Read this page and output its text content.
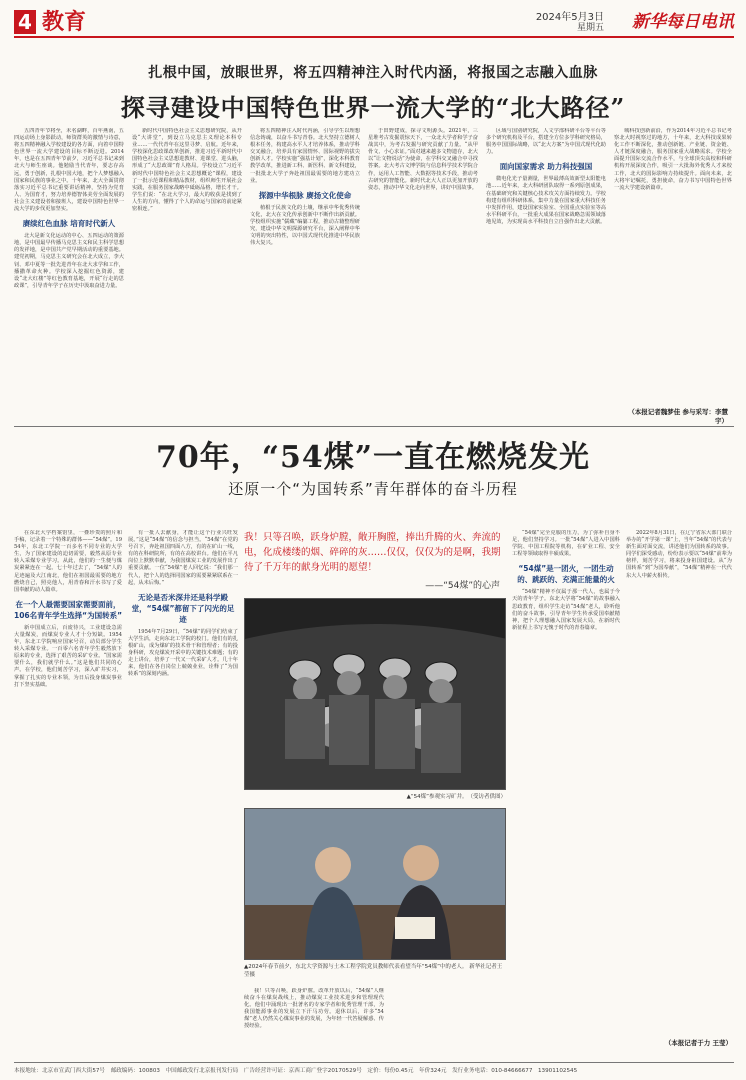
4 教育	2024年5月3日
星期五 新华每日电讯
扎根中国，放眼世界，将五四精神注入时代内涵，将报国之志融入血脉
探寻建设中国特色世界一流大学的“北大路径”

五四青年节将至，未名湖畔，百年燕南，五四运动场上身影跃动，师资群英的激情与诗意，将五四精神融入学校建设的各方面，向着中国特色世界一流大学建设的目标不断迈进。2014年，也是在五四青年节前夕，习近平总书记来到北大与师生座谈。他勉励当代青年，要志存高远，勇于创新，扎根中国大地，把个人梦想融入国家和民族的事业之中。十年来，北大全面贯彻落实习近平总书记重要讲话精神，坚持为党育人、为国育才，努力培养德智体美劳全面发展的社会主义建设者和接班人，建设中国特色世界一流大学的步伐更加坚实。

赓续红色血脉 培育时代新人

北大是新文化运动的中心、五四运动的策源地，是中国最早传播马克思主义和民主科学思想的发祥地，是中国共产党早期活动的重要基地。建党初期，马克思主义研究会在北大成立，李大钊、邓中夏等一批先进青年在北大求学和工作，播撒革命火种。学校深入挖掘红色资源，建设“北大红楼”等红色教育基地，开展“行走的思政课”，引导青年学子在历史中汲取奋进力量。

新时代中国特色社会主义思想研究院，从开设“大讲堂”，到设立马克思主义理论本科专业……一代代青年在这里寻梦、启航。近年来，学校深化思政课改革创新，推进习近平新时代中国特色社会主义思想进教材、进课堂、进头脑，形成了“大思政课”育人格局。学校设立“习近平新时代中国特色社会主义思想概论”课程，建设了一批示范课程和精品教材，组织师生开展社会实践，在服务国家战略中砥砺品格，增长才干。学生们说：“在北大学习，最大的收获是找到了人生的方向，懂得了个人的命运与国家的前途紧密相连。”

将五四精神注入时代内涵，引导学生以理想信念铸魂，以奋斗书写青春。北大坚持立德树人根本任务，构建高水平人才培养体系，推动学科交叉融合，培养具有家国情怀、国际视野的拔尖创新人才。学校实施“强基计划”，深化本科教育教学改革，推进新工科、新医科、新文科建设，一批批北大学子奔赴祖国最需要的地方建功立业。

探源中华根脉 赓扬文化使命

植根于民族文化的土壤，继承中华优秀传统文化，北大在文化传承创新中不断作出新贡献。学校组织实施“儒藏”编纂工程，推动古籍整理研究，建设中华文明探源研究平台，深入阐释中华文明的突出特性，以中国式现代化推进中华民族伟大复兴。

于田野建成，探寻文明源头。2021年，三星堆考古发掘震惊天下，一众北大学者和学子奋战其中，为考古发掘与研究贡献了力量。“从甲骨文、小心求证。”面对越来越多文物遗存，北大以“让文物说话”为使命，在学科交叉融合中寻找答案。北大考古文博学院与信息科学技术学院合作，运用人工智能、大数据等技术手段，推动考古研究的智能化。新时代北大人正以更加开放的姿态，推动中华文化走向世界，讲好中国故事。

区域与国别研究院，人文学部科研平台等平台等多个研究机构及平台，搭建全方位多学科研究格局，服务中国国际战略，以“北大方案”为中国式现代化助力。

面向国家需求 助力科技强国

微电化光子量测量，世界最薄高效新型太阳能电池……近年来，北大科研团队取得一系列原创成果，在基础研究和关键核心技术攻关方面持续发力。学校构建有组织科研体系，集中力量在国家重大科技任务中发挥作用，建设国家实验室、全国重点实验室等高水平科研平台，一批重大成果在国家战略急需领域落地见效，为实现高水平科技自立自强作出北大贡献。

城科技创新前沿，作为2014年习近平总书记考察北大时视察过的地方，十年来，北大科技成果转化工作不断深化，推动创新链、产业链、资金链、人才链深度融合，服务国家重大战略需求。学校全面提升国际交流合作水平，与全球顶尖高校和科研机构开展深度合作，吸引一大批海外优秀人才来校工作，北大的国际影响力持续提升。面向未来，北大将牢记嘱托，勇担使命，奋力书写中国特色世界一流大学建设新篇章。

（本报记者魏梦佳 参与采写：李慧宇）
70年，“54煤”一直在燃烧发光
还原一个“为国转系”青年群体的奋斗历程

在东北大学档案馆里，一叠珍贵的照片和手稿，记录着一个特殊的群体——“54煤”。1954年，东北工学院一百多名不同专业的大学生，为了国家建设的迫切需要，毅然从原专业转入采煤专业学习。从此，他们的一生便与煤炭紧紧连在一起。七十年过去了，“54煤”人的足迹遍及大江南北，他们在祖国最需要的地方燃烧自己，照亮他人，用青春和汗水书写了爱国奉献的动人篇章。

在一个人最需要国家需要面前，106名青年学生选择“为国转系”

新中国成立后，百废待兴，工业建设急需大量煤炭，而煤炭专业人才十分短缺。1954年，东北工学院响应国家号召，动员部分学生转入采煤专业。一百零六名青年学生毅然放下原来的专业，选择了艰苦的采矿专业。“国家需要什么，我们就学什么。”这是他们共同的心声。在学校，他们刻苦学习，深入矿井实习，掌握了扎实的专业本领，为日后投身煤炭事业打下坚实基础。

有一批人去献身，才能让这个行业兴旺发展。”这是“54煤”的信念与担当。“54煤”在党的号召下，奔赴祖国四面八方，有的在矿山一线，有的在科研院所，有的在高校讲台。他们在平凡岗位上默默奉献，为我国煤炭工业的发展作出了重要贡献。一位“54煤”老人回忆说：“我们那一代人，把个人的选择同国家的需要紧紧联系在一起，从未后悔。”

无论是否米深井还是科学殿堂，“54煤”都留下了闪光的足迹

1954年7月29日，“54煤”的同学们结束了大学生活，走向东北工学院的校门。他们有的扎根矿山，成为煤矿的技术骨干和管理者；有的投身科研，攻克煤炭开采中的关键技术难题；有的走上讲台，培养了一代又一代采矿人才。几十年来，他们在各自岗位上兢兢业业，诠释了“为国转系”的深刻内涵。

我！只等召唤，跃身炉膛，敞开胸膛，捧出升腾的火、奔流的电，化成楼缕的烟、碎碎的灰……仅仅，仅仅为的是啊，我期待了千万年的献身光明的愿望！
——“54煤”的心声
▲“54煤”参观实习矿井。　（受访者供图）
▲2024年春节前夕，东北大学资源与土木工程学院党员教师代表看望当年“54煤”中的老人。 新华社记者王莹摄

我！只等召唤，跃身炉膛。改革开放以后，“54煤”人继续奋斗在煤炭战线上，推动煤炭工业技术进步和管理现代化。他们中涌现出一批著名的专家学者和优秀管理干部，为我国能源事业的发展立下汗马功劳。退休以后，许多“54煤”老人仍然关心煤炭事业的发展，为年轻一代答疑解惑、传授经验。

“54煤”完全克服的压力，为了弥补自身不足，他们坚持学习。一批“54煤”人进入中国科学院、中国工程院等机构，在矿业工程、安全工程等领域取得丰硕成果。

“54煤”是一团火，一团生动的、跳跃的、充满正能量的火

“54煤”精神不仅属于那一代人，也属于今天的青年学子。东北大学将“54煤”的故事融入思政教育，组织学生走访“54煤”老人，聆听他们的奋斗故事，引导青年学生传承爱国奉献精神，把个人理想融入国家发展大局，在新时代新征程上书写无愧于时代的青春篇章。

2022年8月31日，在辽宁省东大部门联合举办的“开学第一课”上，当年“54煤”的代表与新生面对面交流，讲述他们为国转系的故事。同学们深受感动，纷纷表示要以“54煤”前辈为榜样，刻苦学习，将来投身祖国建设。从“为国转系”到“为国奉献”，“54煤”精神在一代代东大人中薪火相传。

（本报记者于力 王莹）
本报地址：北京市宣武门西大街57号　邮政编码：100803　中国邮政发行北京报刊发行局　广告经营许可证：京西工商广登字20170529号　定价：每份0.45元　年价324元　发行业务电话：010-84666677　13901102545
